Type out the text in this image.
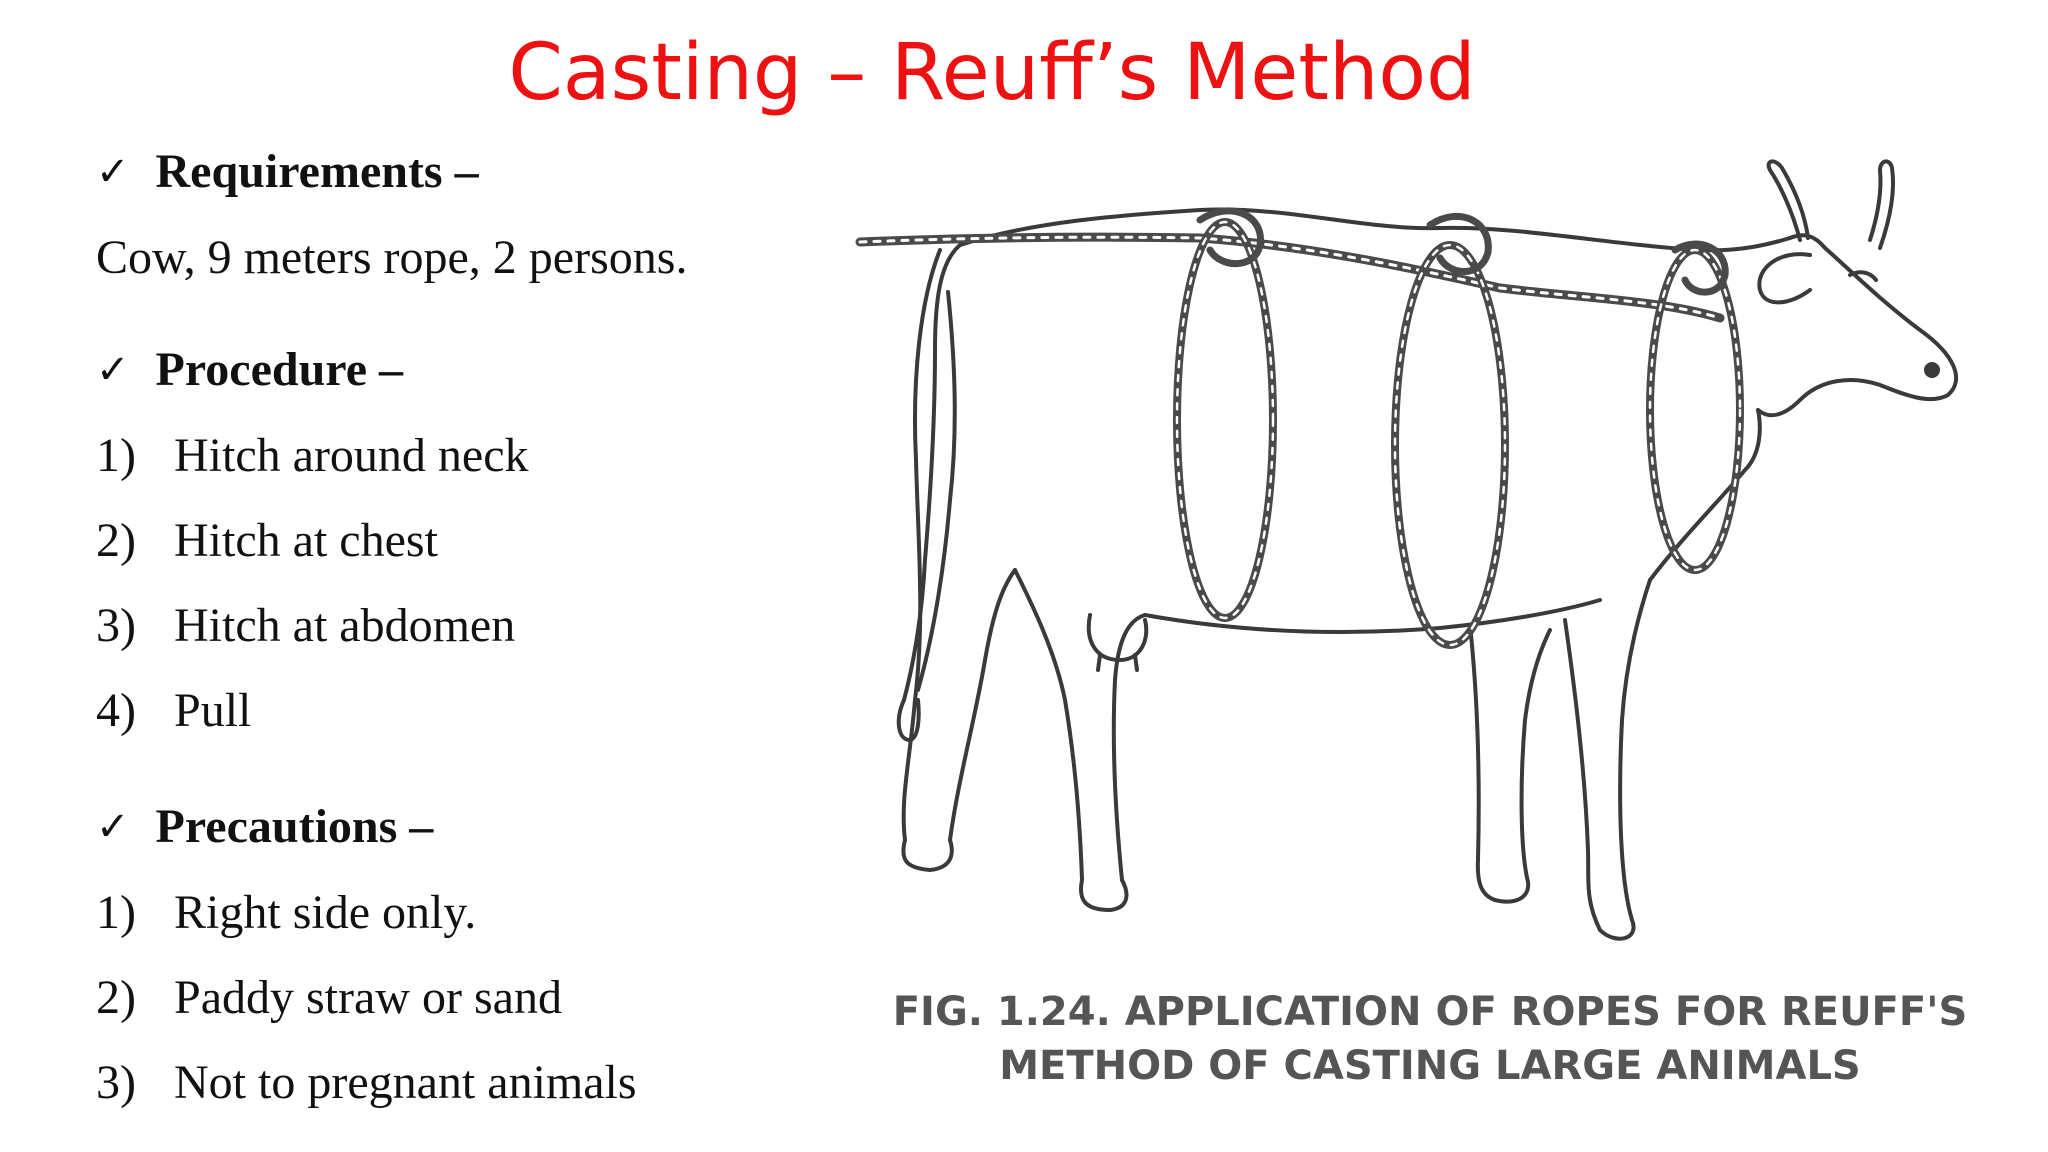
Casting – Reuff’s Method
✓ Requirements –
Cow, 9 meters rope, 2 persons.
✓ Procedure –
1) Hitch around neck
2) Hitch at chest
3) Hitch at abdomen
4) Pull
✓ Precautions –
1) Right side only.
2) Paddy straw or sand
3) Not to pregnant animals
FIG. 1.24. APPLICATION OF ROPES FOR REUFF'S
METHOD OF CASTING LARGE ANIMALS
